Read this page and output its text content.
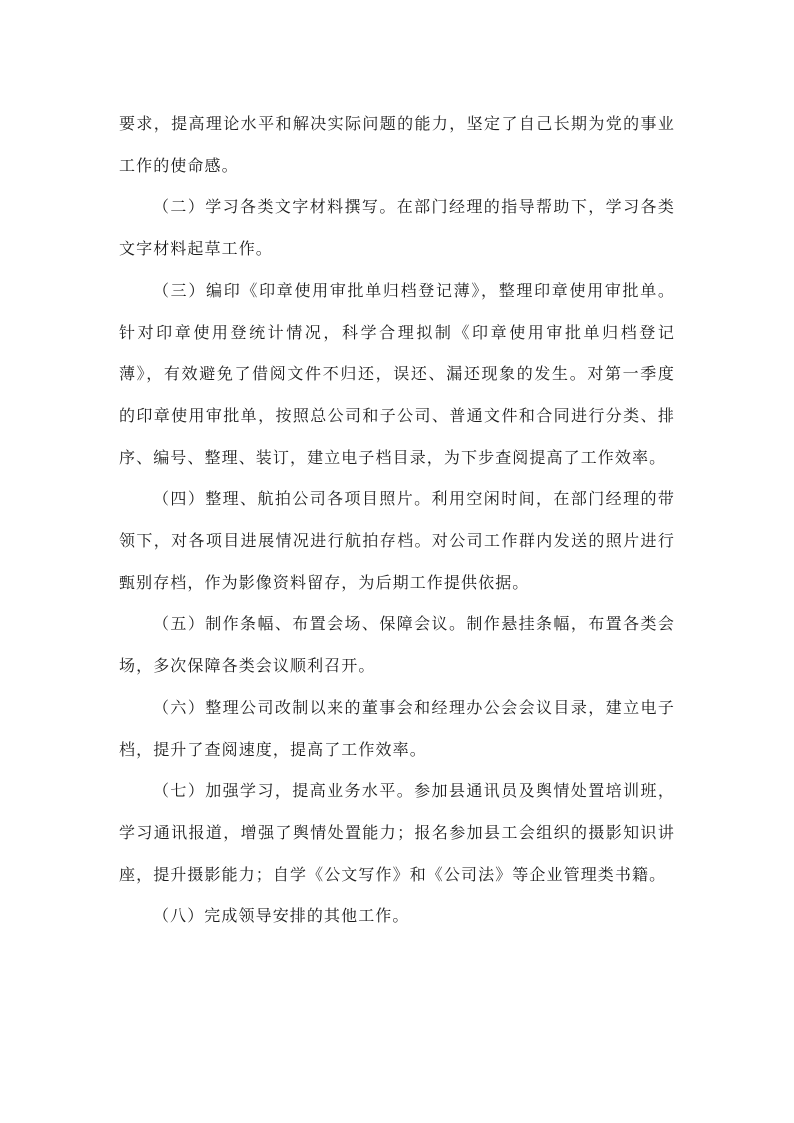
要求，提高理论水平和解决实际问题的能力，坚定了自己长期为党的事业工作的使命感。

（二）学习各类文字材料撰写。在部门经理的指导帮助下，学习各类文字材料起草工作。

（三）编印《印章使用审批单归档登记薄》，整理印章使用审批单。针对印章使用登统计情况，科学合理拟制《印章使用审批单归档登记薄》，有效避免了借阅文件不归还，误还、漏还现象的发生。对第一季度的印章使用审批单，按照总公司和子公司、普通文件和合同进行分类、排序、编号、整理、装订，建立电子档目录，为下步查阅提高了工作效率。

（四）整理、航拍公司各项目照片。利用空闲时间，在部门经理的带领下，对各项目进展情况进行航拍存档。对公司工作群内发送的照片进行甄别存档，作为影像资料留存，为后期工作提供依据。

（五）制作条幅、布置会场、保障会议。制作悬挂条幅，布置各类会场，多次保障各类会议顺利召开。

（六）整理公司改制以来的董事会和经理办公会会议目录，建立电子档，提升了查阅速度，提高了工作效率。

（七）加强学习，提高业务水平。参加县通讯员及舆情处置培训班，学习通讯报道，增强了舆情处置能力；报名参加县工会组织的摄影知识讲座，提升摄影能力；自学《公文写作》和《公司法》等企业管理类书籍。

（八）完成领导安排的其他工作。
